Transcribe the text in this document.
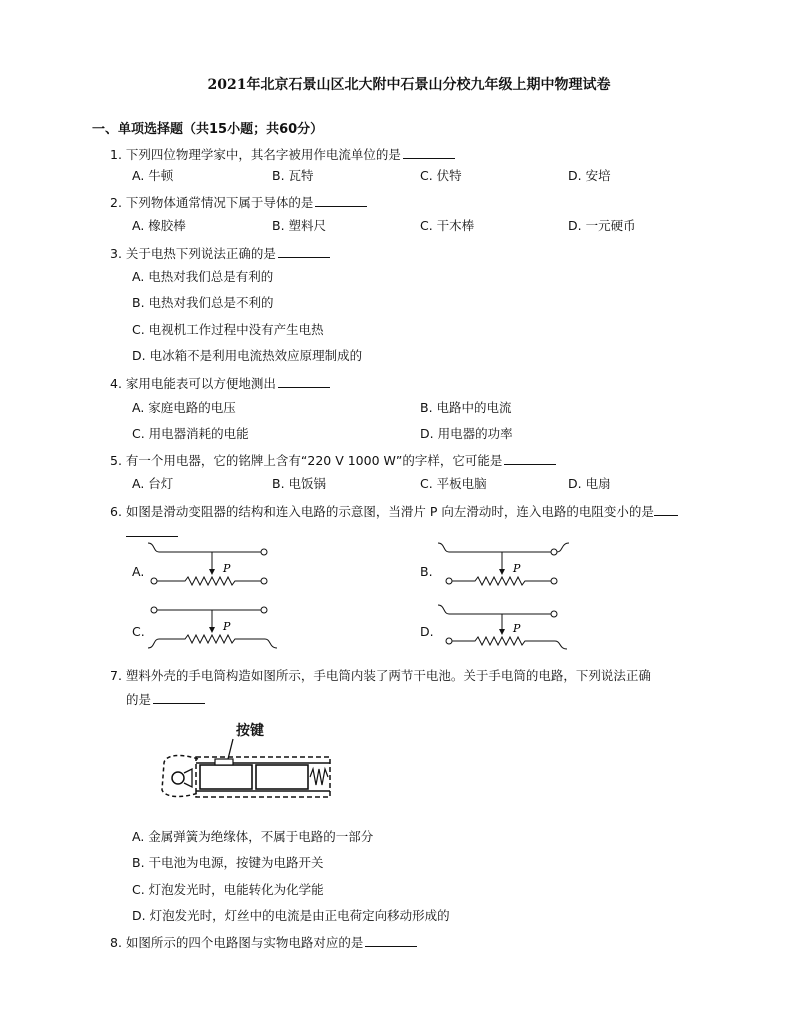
2021年北京石景山区北大附中石景山分校九年级上期中物理试卷
一、单项选择题（共15小题；共60分）
1. 下列四位物理学家中，其名字被用作电流单位的是
A. 牛顿	B. 瓦特	C. 伏特	D. 安培
2. 下列物体通常情况下属于导体的是
A. 橡胶棒	B. 塑料尺	C. 干木棒	D. 一元硬币
3. 关于电热下列说法正确的是
A. 电热对我们总是有利的
B. 电热对我们总是不利的
C. 电视机工作过程中没有产生电热
D. 电冰箱不是利用电流热效应原理制成的
4. 家用电能表可以方便地测出
A. 家庭电路的电压	B. 电路中的电流
C. 用电器消耗的电能	D. 用电器的功率
5. 有一个用电器，它的铭牌上含有“220 V 1000 W”的字样，它可能是
A. 台灯	B. 电饭锅	C. 平板电脑	D. 电扇
6. 如图是滑动变阻器的结构和连入电路的示意图，当滑片 P 向左滑动时，连入电路的电阻变小的是
A.	B.
C.	D.
P	P
P	P
7. 塑料外壳的手电筒构造如图所示，手电筒内装了两节干电池。关于手电筒的电路，下列说法正确
的是
按键
A. 金属弹簧为绝缘体，不属于电路的一部分
B. 干电池为电源，按键为电路开关
C. 灯泡发光时，电能转化为化学能
D. 灯泡发光时，灯丝中的电流是由正电荷定向移动形成的
8. 如图所示的四个电路图与实物电路对应的是
